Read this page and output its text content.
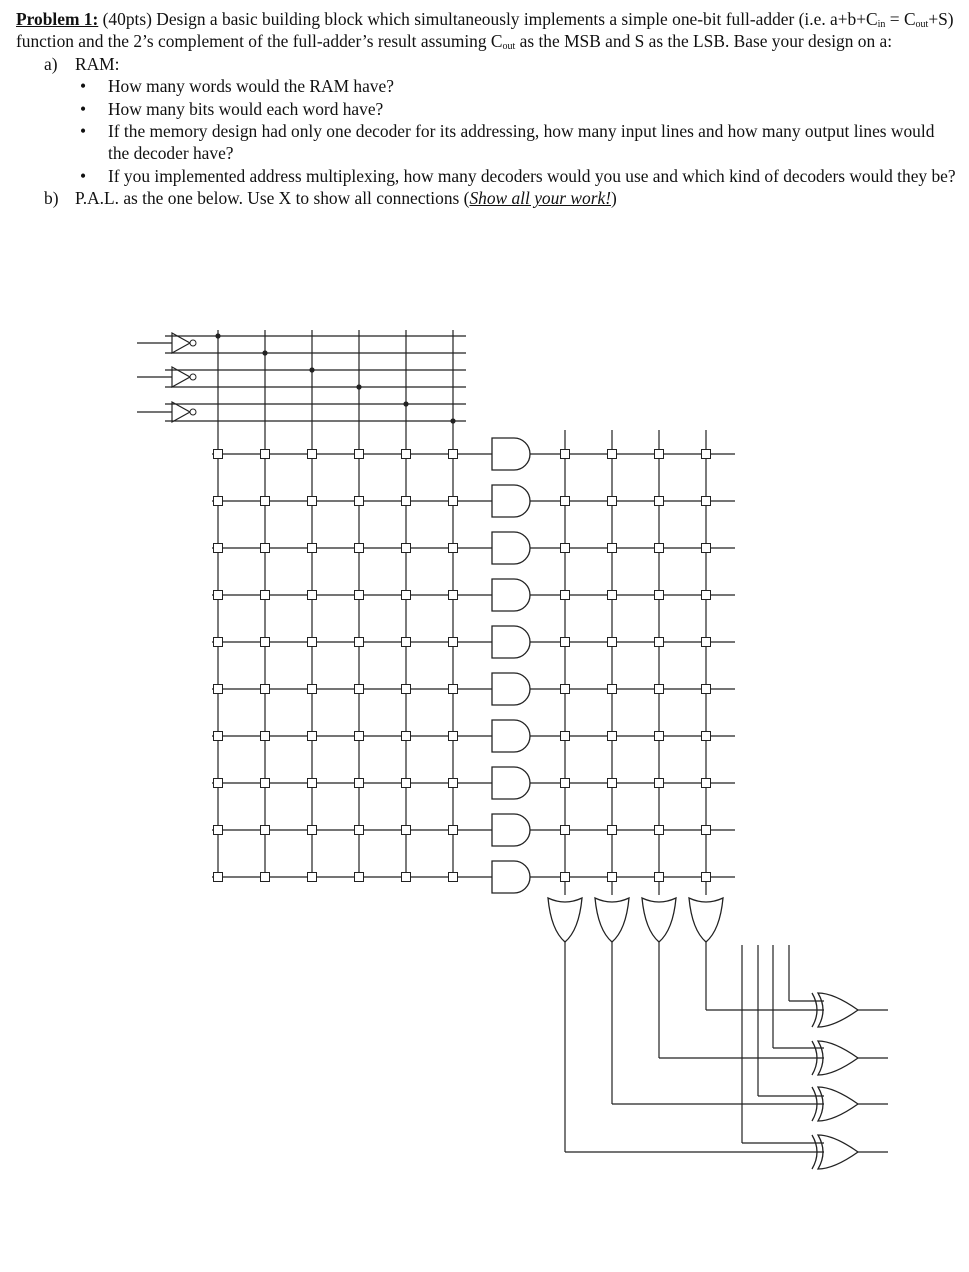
Problem 1: (40pts) Design a basic building block which simultaneously implements a simple one-bit full-adder (i.e. $a+b+C_{in} = C_{out}+S$) function and the 2’s complement of the full-adder’s result assuming $C_{out}$ as the MSB and S as the LSB. Base your design on a:

a) RAM:

• How many words would the RAM have?
• How many bits would each word have?
• If the memory design had only one decoder for its addressing, how many input lines and how many output lines would the decoder have?
• If you implemented address multiplexing, how many decoders would you use and which kind of decoders would they be?

b) P.A.L. as the one below. Use X to show all connections (Show all your work!)
